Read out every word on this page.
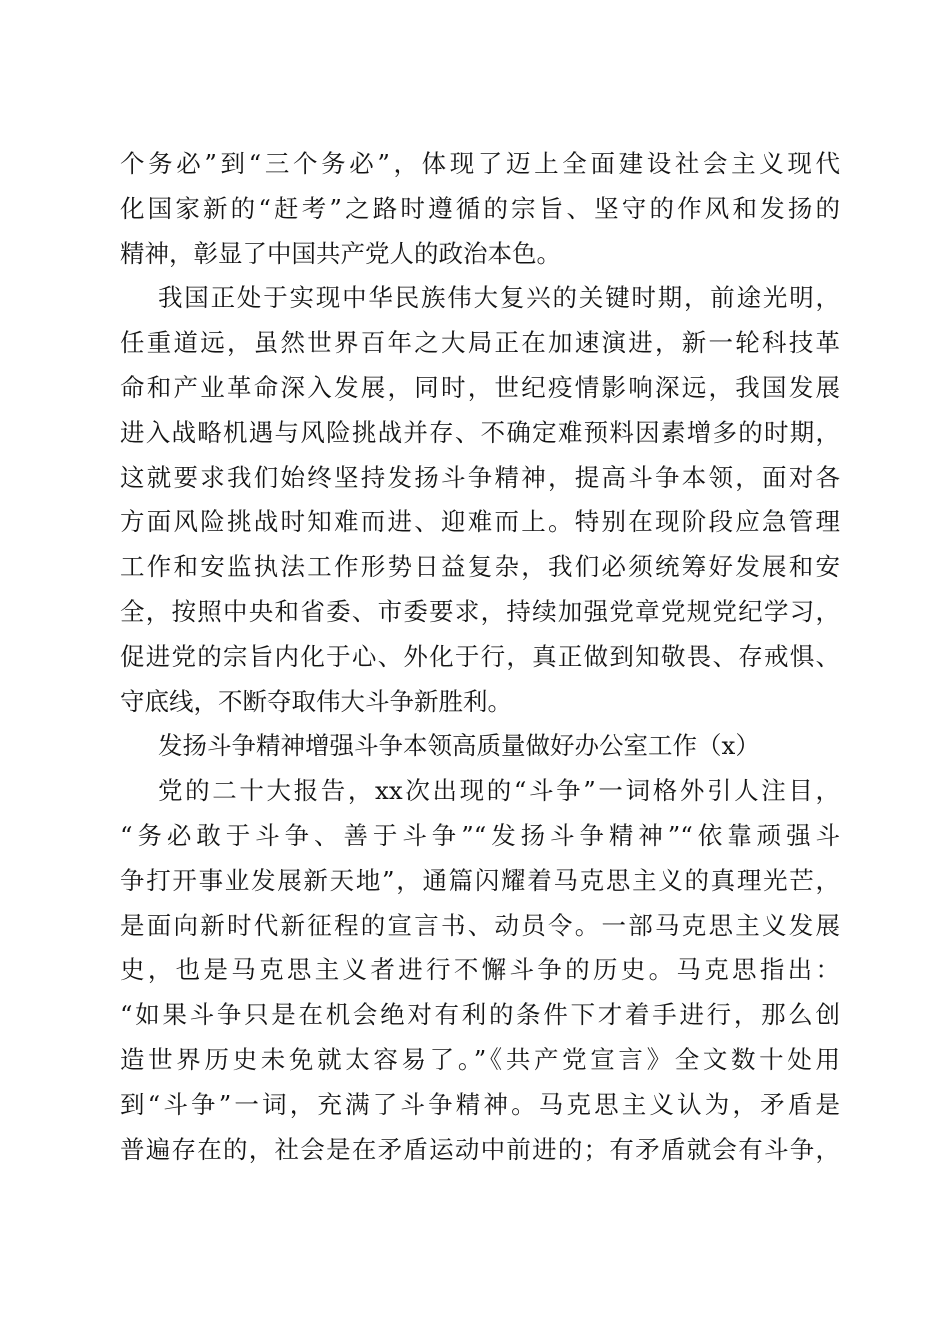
个务必”到“三个务必”，体现了迈上全面建设社会主义现代
化国家新的“赶考”之路时遵循的宗旨、坚守的作风和发扬的
精神，彰显了中国共产党人的政治本色。
我国正处于实现中华民族伟大复兴的关键时期，前途光明，
任重道远，虽然世界百年之大局正在加速演进，新一轮科技革
命和产业革命深入发展，同时，世纪疫情影响深远，我国发展
进入战略机遇与风险挑战并存、不确定难预料因素增多的时期，
这就要求我们始终坚持发扬斗争精神，提高斗争本领，面对各
方面风险挑战时知难而进、迎难而上。特别在现阶段应急管理
工作和安监执法工作形势日益复杂，我们必须统筹好发展和安
全，按照中央和省委、市委要求，持续加强党章党规党纪学习，
促进党的宗旨内化于心、外化于行，真正做到知敬畏、存戒惧、
守底线，不断夺取伟大斗争新胜利。
发扬斗争精神增强斗争本领高质量做好办公室工作（x）
党的二十大报告，xx次出现的“斗争”一词格外引人注目，
“务必敢于斗争、善于斗争”“发扬斗争精神”“依靠顽强斗
争打开事业发展新天地”，通篇闪耀着马克思主义的真理光芒，
是面向新时代新征程的宣言书、动员令。一部马克思主义发展
史，也是马克思主义者进行不懈斗争的历史。马克思指出：
“如果斗争只是在机会绝对有利的条件下才着手进行，那么创
造世界历史未免就太容易了。”《共产党宣言》全文数十处用
到“斗争”一词，充满了斗争精神。马克思主义认为，矛盾是
普遍存在的，社会是在矛盾运动中前进的；有矛盾就会有斗争，
